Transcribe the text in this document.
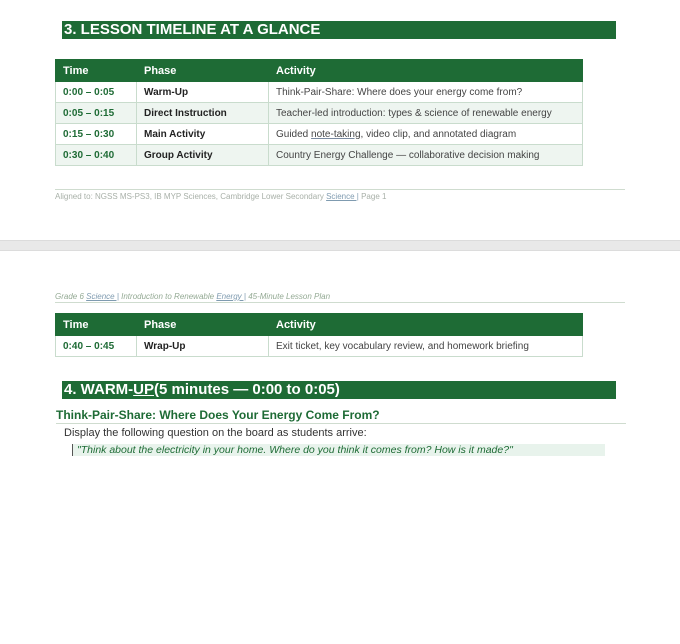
3. LESSON TIMELINE AT A GLANCE
Time	Phase	Activity
0:00 – 0:05	Warm-Up	Think-Pair-Share: Where does your energy come from?
0:05 – 0:15	Direct Instruction	Teacher-led introduction: types & science of renewable energy
0:15 – 0:30	Main Activity	Guided note-taking, video clip, and annotated diagram
0:30 – 0:40	Group Activity	Country Energy Challenge — collaborative decision making
Aligned to: NGSS MS-PS3, IB MYP Sciences, Cambridge Lower Secondary Science | Page 1
Grade 6 Science | Introduction to Renewable Energy | 45-Minute Lesson Plan
Time	Phase	Activity
0:40 – 0:45	Wrap-Up	Exit ticket, key vocabulary review, and homework briefing
4. WARM-UP(5 minutes — 0:00 to 0:05)
Think-Pair-Share: Where Does Your Energy Come From?
Display the following question on the board as students arrive:
"Think about the electricity in your home. Where do you think it comes from? How is it made?"
